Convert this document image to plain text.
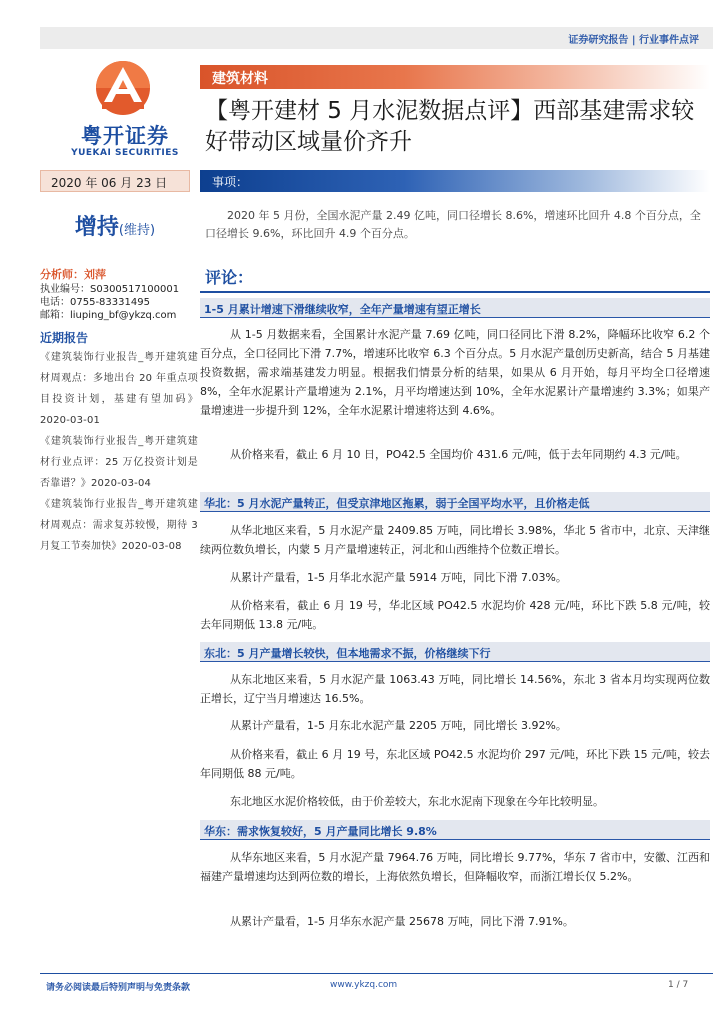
证券研究报告 | 行业事件点评
粤开证券
YUEKAI SECURITIES
建筑材料
【粤开建材 5 月水泥数据点评】西部基建需求较好带动区域量价齐升
2020 年 06 月 23 日	事项：
增持(维持)
2020 年 5 月份，全国水泥产量 2.49 亿吨，同口径增长 8.6%，增速环比回升 4.8 个百分点，全口径增长 9.6%，环比回升 4.9 个百分点。
分析师：刘萍
执业编号：S0300517100001
电话：0755-83331495
邮箱：liuping_bf@ykzq.com
近期报告
《建筑装饰行业报告_粤开建筑建材周观点：多地出台 20 年重点项目投资计划，基建有望加码》2020-03-01
《建筑装饰行业报告_粤开建筑建材行业点评：25 万亿投资计划是否靠谱？》2020-03-04
《建筑装饰行业报告_粤开建筑建材周观点：需求复苏较慢，期待 3 月复工节奏加快》2020-03-08
评论：
1-5 月累计增速下滑继续收窄，全年产量增速有望正增长
从 1-5 月数据来看，全国累计水泥产量 7.69 亿吨，同口径同比下滑 8.2%，降幅环比收窄 6.2 个百分点，全口径同比下滑 7.7%，增速环比收窄 6.3 个百分点。5 月水泥产量创历史新高，结合 5 月基建投资数据，需求端基建发力明显。根据我们情景分析的结果，如果从 6 月开始，每月平均全口径增速 8%，全年水泥累计产量增速为 2.1%，月平均增速达到 10%，全年水泥累计产量增速约 3.3%；如果产量增速进一步提升到 12%，全年水泥累计增速将达到 4.6%。
从价格来看，截止 6 月 10 日，PO42.5 全国均价 431.6 元/吨，低于去年同期约 4.3 元/吨。
华北：5 月水泥产量转正，但受京津地区拖累，弱于全国平均水平，且价格走低
从华北地区来看，5 月水泥产量 2409.85 万吨，同比增长 3.98%，华北 5 省市中，北京、天津继续两位数负增长，内蒙 5 月产量增速转正，河北和山西维持个位数正增长。
从累计产量看，1-5 月华北水泥产量 5914 万吨，同比下滑 7.03%。
从价格来看，截止 6 月 19 号，华北区域 PO42.5 水泥均价 428 元/吨，环比下跌 5.8 元/吨，较去年同期低 13.8 元/吨。
东北：5 月产量增长较快，但本地需求不振，价格继续下行
从东北地区来看，5 月水泥产量 1063.43 万吨，同比增长 14.56%，东北 3 省本月均实现两位数正增长，辽宁当月增速达 16.5%。
从累计产量看，1-5 月东北水泥产量 2205 万吨，同比增长 3.92%。
从价格来看，截止 6 月 19 号，东北区域 PO42.5 水泥均价 297 元/吨，环比下跌 15 元/吨，较去年同期低 88 元/吨。
东北地区水泥价格较低，由于价差较大，东北水泥南下现象在今年比较明显。
华东：需求恢复较好，5 月产量同比增长 9.8%
从华东地区来看，5 月水泥产量 7964.76 万吨，同比增长 9.77%，华东 7 省市中，安徽、江西和福建产量增速均达到两位数的增长，上海依然负增长，但降幅收窄，而浙江增长仅 5.2%。
从累计产量看，1-5 月华东水泥产量 25678 万吨，同比下滑 7.91%。
请务必阅读最后特别声明与免责条款	www.ykzq.com	1 / 7
